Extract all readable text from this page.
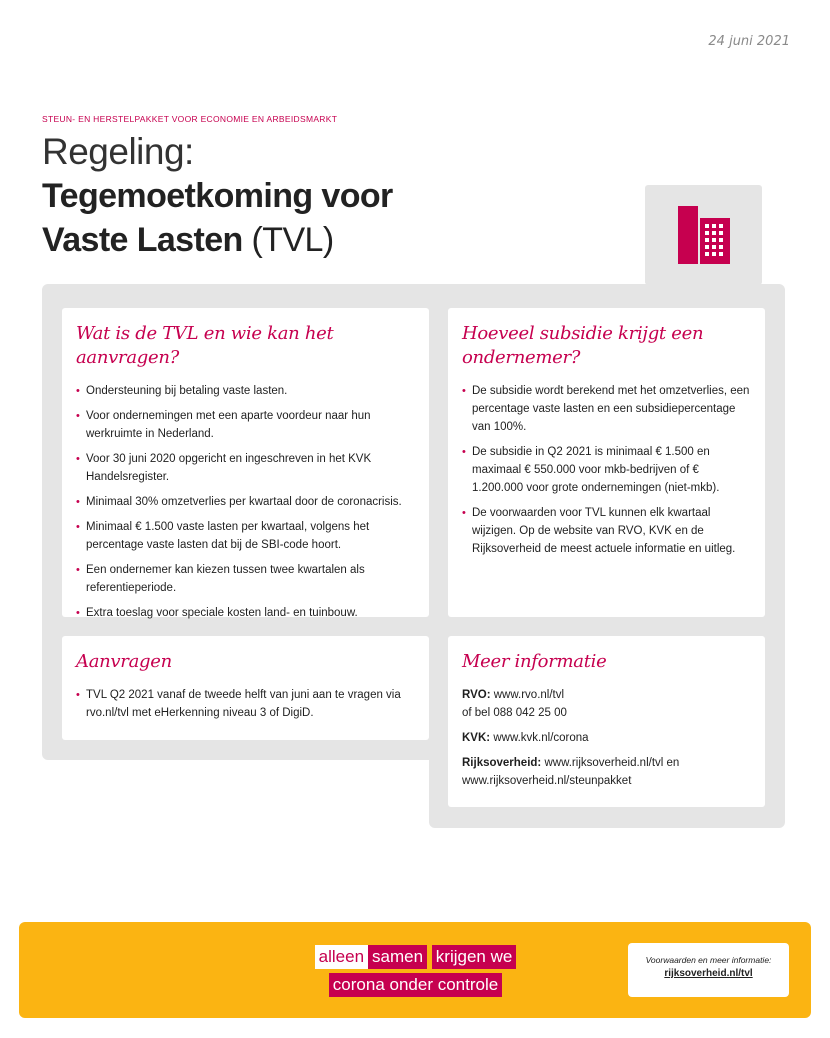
24 juni 2021
STEUN- EN HERSTELPAKKET VOOR ECONOMIE EN ARBEIDSMARKT
Regeling:
Tegemoetkoming voor
Vaste Lasten (TVL)
Wat is de TVL en wie kan het aanvragen?
• Ondersteuning bij betaling vaste lasten.
• Voor ondernemingen met een aparte voordeur naar hun werkruimte in Nederland.
• Voor 30 juni 2020 opgericht en ingeschreven in het KVK Handelsregister.
• Minimaal 30% omzetverlies per kwartaal door de coronacrisis.
• Minimaal € 1.500 vaste lasten per kwartaal, volgens het percentage vaste lasten dat bij de SBI-code hoort.
• Een ondernemer kan kiezen tussen twee kwartalen als referentieperiode.
• Extra toeslag voor speciale kosten land- en tuinbouw.
Hoeveel subsidie krijgt een ondernemer?
• De subsidie wordt berekend met het omzetverlies, een percentage vaste lasten en een subsidiepercentage van 100%.
• De subsidie in Q2 2021 is minimaal € 1.500 en maximaal € 550.000 voor mkb-bedrijven of € 1.200.000 voor grote ondernemingen (niet-mkb).
• De voorwaarden voor TVL kunnen elk kwartaal wijzigen. Op de website van RVO, KVK en de Rijksoverheid de meest actuele informatie en uitleg.
Aanvragen
• TVL Q2 2021 vanaf de tweede helft van juni aan te vragen via rvo.nl/tvl met eHerkenning niveau 3 of DigiD.
Meer informatie

RVO: www.rvo.nl/tvl
of bel 088 042 25 00

KVK: www.kvk.nl/corona

Rijksoverheid: www.rijksoverheid.nl/tvl en
www.rijksoverheid.nl/steunpakket

alleen samen krijgen we
corona onder controle
Voorwaarden en meer informatie:
rijksoverheid.nl/tvl
